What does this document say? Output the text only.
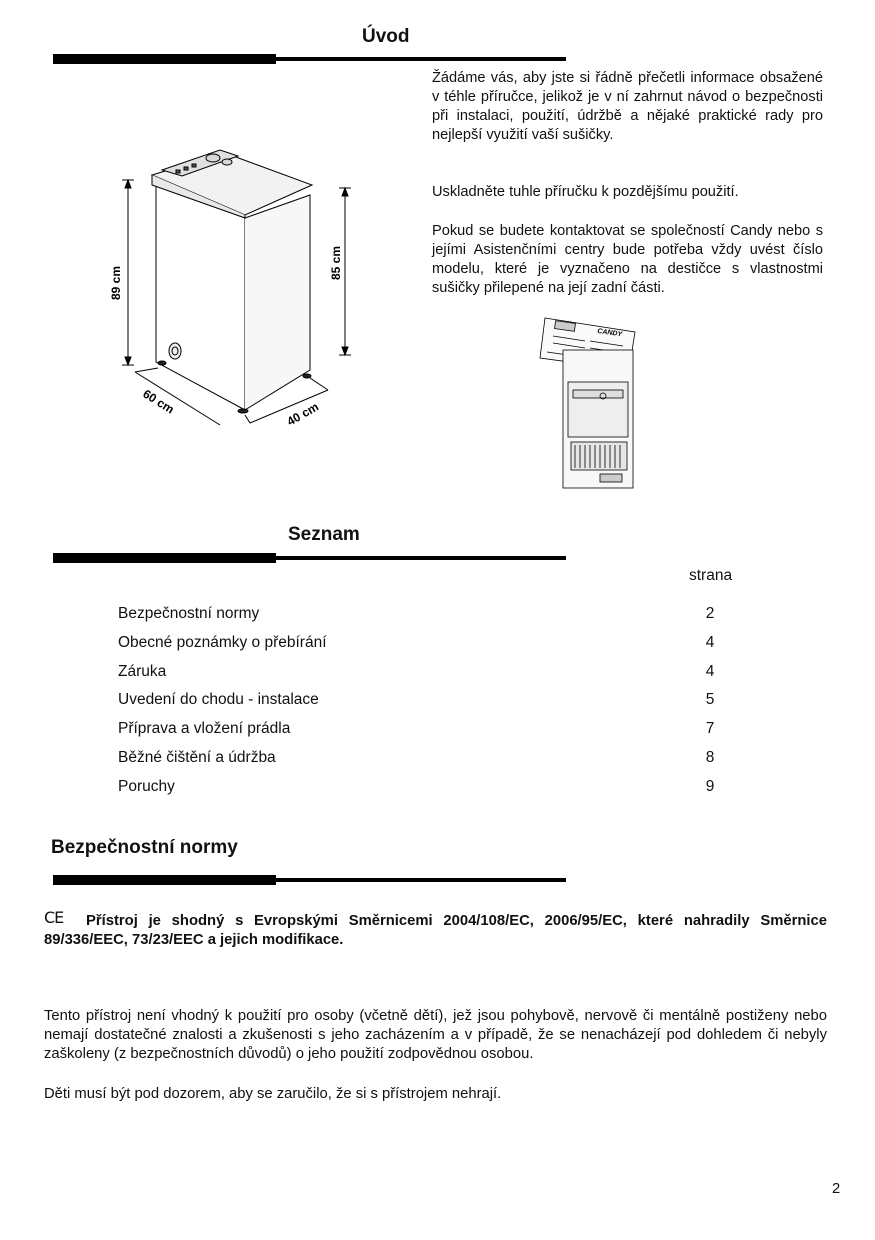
Úvod
89 cm
85 cm
60 cm	40 cm
Žádáme vás, aby jste si řádně přečetli informace obsažené v téhle příručce, jelikož je v ní zahrnut návod o bezpečnosti při instalaci, použití, údržbě a nějaké praktické rady pro nejlepší využití vaší sušičky.
Uskladněte tuhle příručku k pozdějšímu použití.
Pokud se budete kontaktovat se společností Candy nebo s jejími Asistenčními centry bude potřeba vždy uvést číslo modelu, které je vyznačeno na destičce s vlastnostmi sušičky přilepené na její zadní části.
CANDY
Seznam
strana
Bezpečnostní normy	2
Obecné poznámky o přebírání	4
Záruka	4
Uvedení do chodu - instalace	5
Příprava a vložení prádla	7
Běžné čištění a údržba	8
Poruchy	9
Bezpečnostní normy
CE	Přístroj je shodný s Evropskými Směrnicemi 2004/108/EC, 2006/95/EC, které nahradily Směrnice 89/336/EEC, 73/23/EEC a jejich modifikace.
Tento přístroj není vhodný k použití pro osoby (včetně dětí), jež jsou pohybově, nervově či mentálně postiženy nebo nemají dostatečné znalosti a zkušenosti s jeho zacházením a v případě, že se nenacházejí pod dohledem či nebyly zaškoleny (z bezpečnostních důvodů) o jeho použití zodpovědnou osobou.
Děti musí být pod dozorem, aby se zaručilo, že si s přístrojem nehrají.
2
